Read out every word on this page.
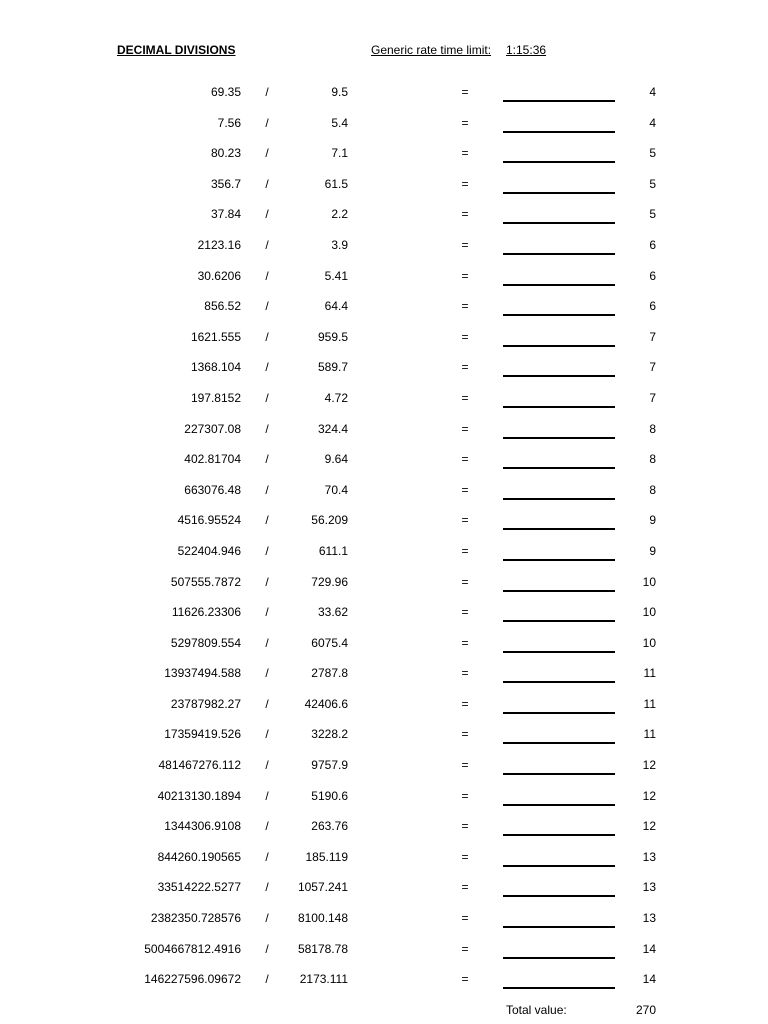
DECIMAL DIVISIONS	Generic rate time limit: 1:15:36
69.35 /	9.5	=	4
7.56 /	5.4	=	4
80.23 /	7.1	=	5
356.7 /	61.5	=	5
37.84 /	2.2	=	5
2123.16 /	3.9	=	6
30.6206 /	5.41	=	6
856.52 /	64.4	=	6
1621.555 /	959.5	=	7
1368.104 /	589.7	=	7
197.8152 /	4.72	=	7
227307.08 /	324.4	=	8
402.81704 /	9.64	=	8
663076.48 /	70.4	=	8
4516.95524 /	56.209	=	9
522404.946 /	611.1	=	9
507555.7872 /	729.96	=	10
11626.23306 /	33.62	=	10
5297809.554 /	6075.4	=	10
13937494.588 /	2787.8	=	11
23787982.27 /	42406.6	=	11
17359419.526 /	3228.2	=	11
481467276.112 /	9757.9	=	12
40213130.1894 /	5190.6	=	12
1344306.9108 /	263.76	=	12
844260.190565 /	185.119	=	13
33514222.5277 /	1057.241	=	13
2382350.728576 /	8100.148	=	13
5004667812.4916 /	58178.78	=	14
146227596.09672 /	2173.111	=	14
Total value:	270
